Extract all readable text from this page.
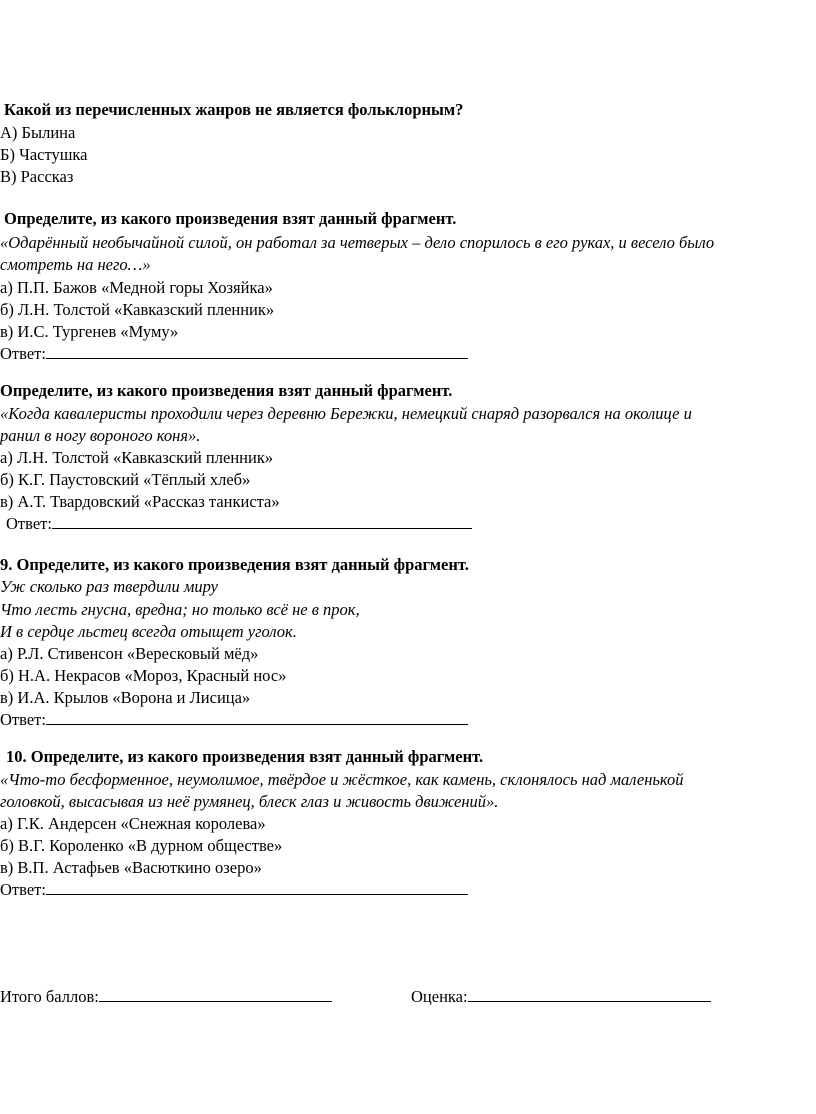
Какой из перечисленных жанров не является фольклорным?
А) Былина
Б) Частушка
В) Рассказ
Определите, из какого произведения взят данный фрагмент.
«Одарённый необычайной силой, он работал за четверых – дело спорилось в его руках, и весело было
смотреть на него…»
а) П.П. Бажов «Медной горы Хозяйка»
б) Л.Н. Толстой «Кавказский пленник»
в) И.С. Тургенев «Муму»
Ответ:
Определите, из какого произведения взят данный фрагмент.
«Когда кавалеристы проходили через деревню Бережки, немецкий снаряд разорвался на околице и
ранил в ногу вороного коня».
а) Л.Н. Толстой «Кавказский пленник»
б) К.Г. Паустовский «Тёплый хлеб»
в) А.Т. Твардовский «Рассказ танкиста»
Ответ:
9. Определите, из какого произведения взят данный фрагмент.
Уж сколько раз твердили миру
Что лесть гнусна, вредна; но только всё не в прок,
И в сердце льстец всегда отыщет уголок.
а) Р.Л. Стивенсон «Вересковый мёд»
б) Н.А. Некрасов «Мороз, Красный нос»
в) И.А. Крылов «Ворона и Лисица»
Ответ:
10. Определите, из какого произведения взят данный фрагмент.
«Что-то бесформенное, неумолимое, твёрдое и жёсткое, как камень, склонялось над маленькой
головкой, высасывая из неё румянец, блеск глаз и живость движений».
а) Г.К. Андерсен «Снежная королева»
б) В.Г. Короленко «В дурном обществе»
в) В.П. Астафьев «Васюткино озеро»
Ответ:
Итого баллов:	Оценка:
